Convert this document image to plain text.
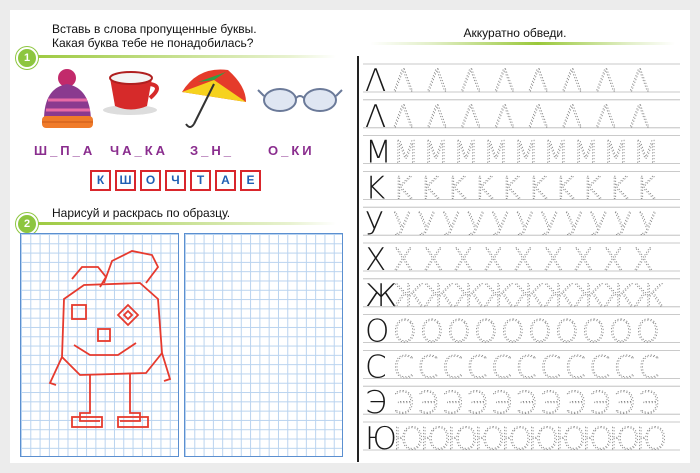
1
Вставь в слова пропущенные буквы.
Какая буква тебе не понадобилась?
Ш_П_А ЧА_КА З_Н_	О_КИ
К	Ш	О	Ч	Т	А	Е
2
Нарисуй и раскрась по образцу.
Аккуратно обведи.
Λ Λ Λ Λ Λ Λ Λ Λ Λ
Λ Λ Λ Λ Λ Λ Λ Λ Λ
M M M M M M M M M M
K K K K K K K K K K K
У У У У У У У У У У У У
X X X X X X X X X X
Ж
Ж
Ж
Ж
Ж
Ж
Ж
Ж
Ж
Ж
O O O O O O O O O O O
C C C C C C C C C C C C
Э Э Э Э Э Э Э Э Э Э Э Э
Ю
Ю
Ю
Ю
Ю
Ю
Ю
Ю
Ю
Ю
Ю
